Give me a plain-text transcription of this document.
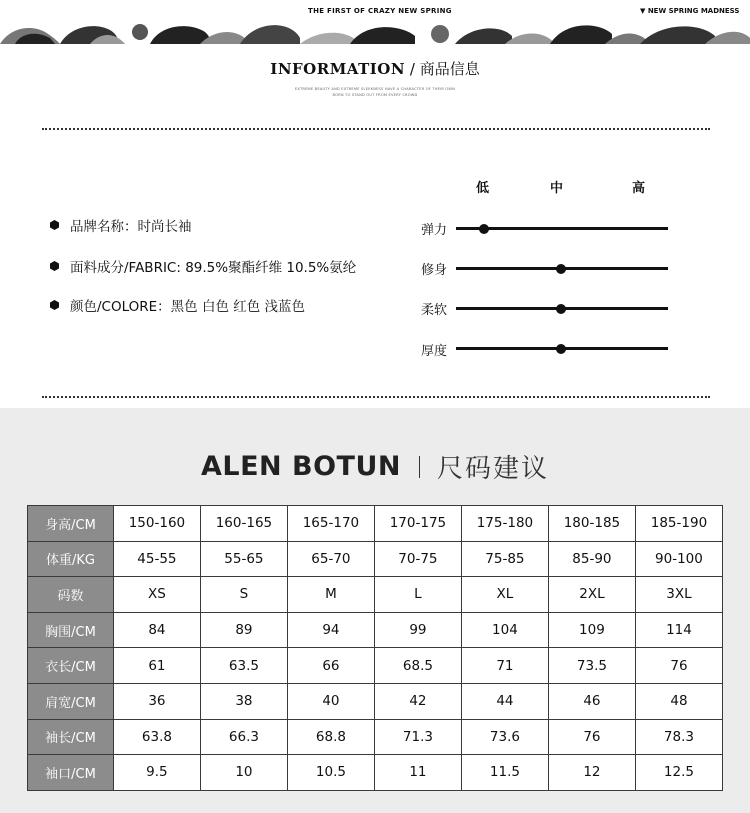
THE FIRST OF CRAZY NEW SPRING	▼ NEW SPRING MADNESS
INFORMATION / 商品信息
EXTREME BEAUTY AND EXTREME SLEEKNESS HAVE A CHARACTER OF THEIR OWN
BORN TO STAND OUT FROM EVERY CROWD
品牌名称：时尚长袖
面料成分/FABRIC: 89.5%聚酯纤维 10.5%氨纶
颜色/COLORE：黑色 白色 红色 浅蓝色
低	中	高
弹力
修身
柔软
厚度
ALEN BOTUN 尺码建议
身高/CM	150-160	160-165	165-170	170-175	175-180	180-185	185-190
体重/KG	45-55	55-65	65-70	70-75	75-85	85-90	90-100
码数	XS	S	M	L	XL	2XL	3XL
胸围/CM	84	89	94	99	104	109	114
衣长/CM	61	63.5	66	68.5	71	73.5	76
肩宽/CM	36	38	40	42	44	46	48
袖长/CM	63.8	66.3	68.8	71.3	73.6	76	78.3
袖口/CM	9.5	10	10.5	11	11.5	12	12.5
